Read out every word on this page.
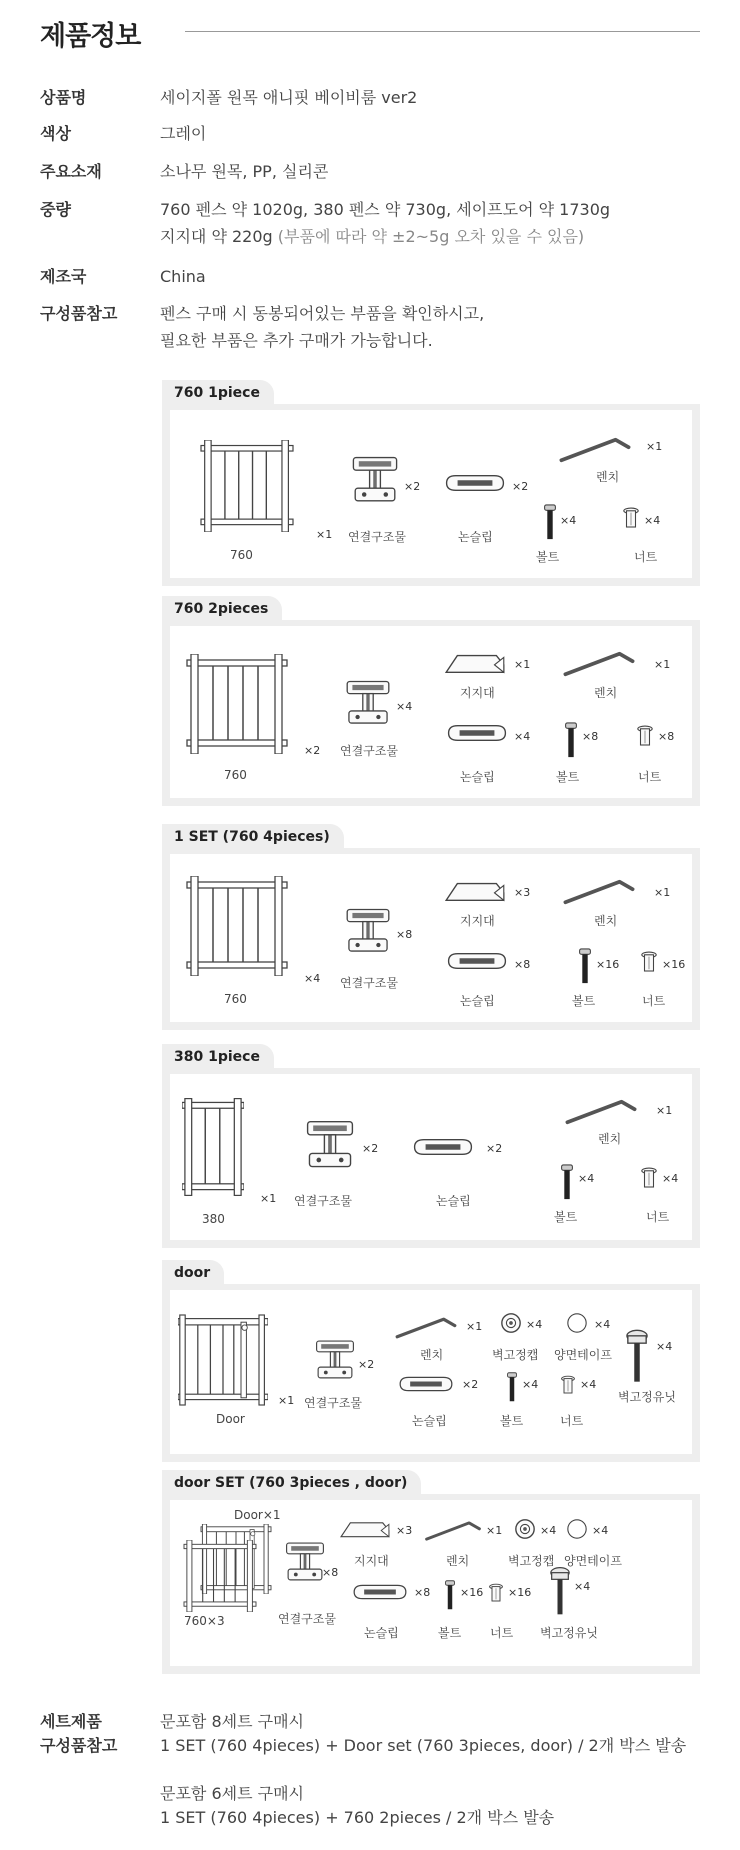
제품정보
상품명	세이지폴 원목 애니핏 베이비룸 ver2
색상	그레이
주요소재	소나무 원목, PP, 실리콘
중량	760 펜스 약 1020g, 380 펜스 약 730g, 세이프도어 약 1730g
지지대 약 220g (부품에 따라 약 ±2~5g 오차 있을 수 있음)
제조국	China
구성품참고	펜스 구매 시 동봉되어있는 부품을 확인하시고,
필요한 부품은 추가 구매가 가능합니다.
760 1piece
×1
760
×2
연결구조물
×2
논슬립
×1
렌치
×4
볼트
×4
너트
760 2pieces
×2
760
×4
연결구조물
×1
지지대
×1
렌치
×4
논슬립
×8
볼트
×8
너트
1 SET (760 4pieces)
×4
760
×8
연결구조물
×3
지지대
×1
렌치
×8
논슬립
×16
볼트
×16
너트
380 1piece
×1
380
×2
연결구조물
×2
논슬립
×1
렌치
×4
볼트
×4
너트
door
×1
Door
×2
연결구조물
×1
렌치
×4
벽고정캡
×4
양면테이프
×4
벽고정유닛
×2
논슬립
×4
볼트
×4
너트
door SET (760 3pieces , door)
Door×1
760×3
×8
연결구조물
×3
지지대
×1
렌치
×4
벽고정캡
×4
양면테이프
×8
논슬립
×16
볼트
×16
너트
×4
벽고정유닛
세트제품
구성품참고
문포함 8세트 구매시
1 SET (760 4pieces) + Door set (760 3pieces, door) / 2개 박스 발송
문포함 6세트 구매시
1 SET (760 4pieces) + 760 2pieces / 2개 박스 발송
